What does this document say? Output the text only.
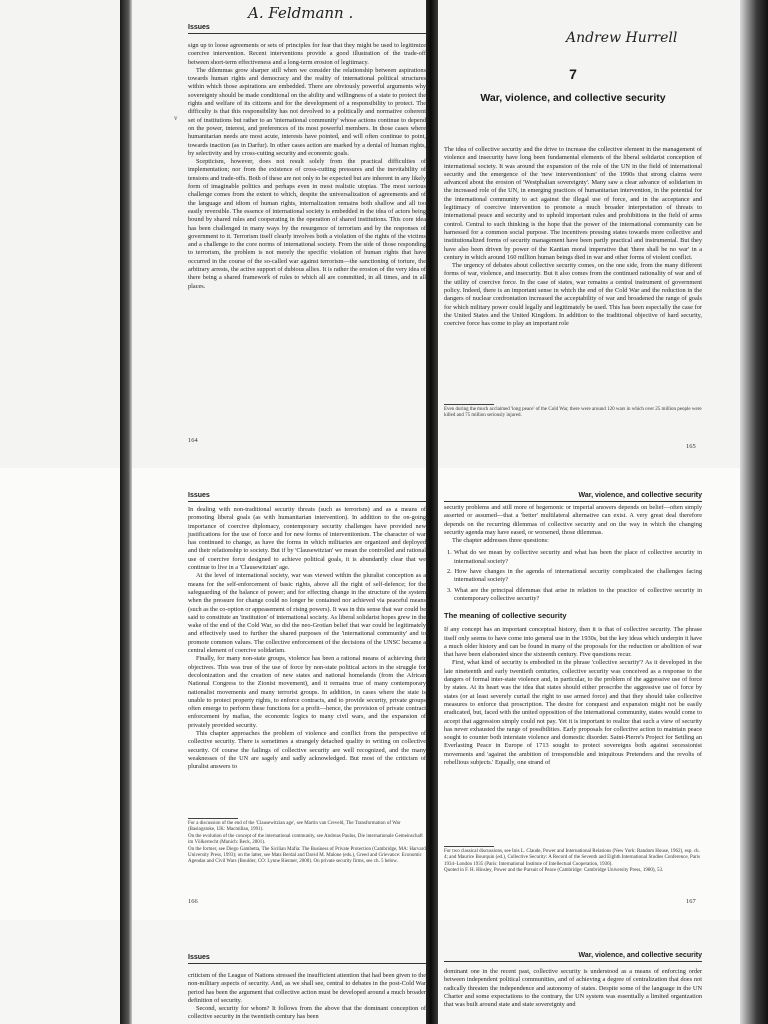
A. Feldmann .
Issues

sign up to loose agreements or sets of principles for fear that they might be used to legitimize coercive intervention. Recent interventions provide a good illustration of the trade-off between short-term effectiveness and a long-term erosion of legitimacy.

The dilemmas grow sharper still when we consider the relationship between aspirations towards human rights and democracy and the reality of international political structures within which those aspirations are embedded. There are obviously powerful arguments why sovereignty should be made conditional on the ability and willingness of a state to protect the rights and welfare of its citizens and for the development of a responsibility to protect. The difficulty is that this responsibility has not devolved to a politically and normative coherent set of institutions but rather to an 'international community' whose actions continue to depend on the power, interest, and preferences of its most powerful members. In those cases where humanitarian needs are most acute, interests have pointed, and will often continue to point, towards inaction (as in Darfur). In other cases action are marked by a denial of human rights, by selectivity and by cross-cutting security and economic goals.

Scepticism, however, does not result solely from the practical difficulties of implementation; nor from the existence of cross-cutting pressures and the inevitability of tensions and trade-offs. Both of these are not only to be expected but are inherent in any likely form of imaginable politics and perhaps even in most realistic utopias. The most serious challenge comes from the extent to which, despite the universalization of agreements and of the language and idiom of human rights, internalization remains both shallow and all too easily reversible. The essence of international society is embedded in the idea of actors being bound by shared rules and cooperating in the operation of shared institutions. This core idea has been challenged in many ways by the resurgence of terrorism and by the responses of government to it. Terrorism itself clearly involves both a violation of the rights of the victims and a challenge to the core norms of international society. From the side of those responding to terrorism, the problem is not merely the specific violation of human rights that have occurred in the course of the so-called war against terrorism—the sanctioning of torture, the arbitrary arrests, the active support of dubious allies. It is rather the erosion of the very idea of there being a shared framework of rules to which all are committed, in all times, and in all places.

v
164
Andrew Hurrell
7
War, violence, and collective security

The idea of collective security and the drive to increase the collective element in the management of violence and insecurity have long been fundamental elements of the liberal solidarist conception of international society. It was around the expansion of the role of the UN in the field of international security and the emergence of the 'new interventionism' of the 1990s that strong claims were advanced about the erosion of 'Westphalian sovereignty'. Many saw a clear advance of solidarism in the increased role of the UN, in emerging practices of humanitarian intervention, in the potential for the international community to act against the illegal use of force, and in the acceptance and legitimacy of coercive intervention to promote a much broader interpretation of threats to international peace and security and to uphold important rules and prohibitions in the field of arms control. Central to such thinking is the hope that the power of the international community can be harnessed for a common social purpose. The incentives pressing states towards more collective and institutionalized forms of security management have been partly practical and instrumental. But they have also been driven by power of the Kantian moral imperative that 'there shall be no war' in a century in which around 160 million human beings died in war and other forms of violent conflict.

The urgency of debates about collective security comes, on the one side, from the many different forms of war, violence, and insecurity. But it also comes from the continued rationality of war and of the utility of coercive force. In the case of states, war remains a central instrument of government policy. Indeed, there is an important sense in which the end of the Cold War and the reduction in the dangers of nuclear confrontation increased the acceptability of war and broadened the range of goals for which military power could legally and legitimately be used. This has been especially the case for the United States and the United Kingdom. In addition to the traditional objective of hard security, coercive force has come to play an important role

Even during the much acclaimed 'long peace' of the Cold War, there were around 120 wars in which over 25 million people were killed and 75 million seriously injured.
165
Issues

In dealing with non-traditional security threats (such as terrorism) and as a means of promoting liberal goals (as with humanitarian intervention). In addition to the on-going importance of coercive diplomacy, contemporary security challenges have provided new justifications for the use of force and for new forms of interventionism. The character of war has continued to change, as have the forms in which militaries are organized and deployed and their relationship to society. But if by 'Clausewitzian' we mean the controlled and rational use of coercive force designed to achieve political goals, it is abundantly clear that we continue to live in a 'Clausewitzian' age.

At the level of international society, war was viewed within the pluralist conception as a means for the self-enforcement of basic rights, above all the right of self-defence; for the safeguarding of the balance of power; and for effecting change in the structure of the system when the pressure for change could no longer be contained nor achieved via peaceful means (such as the co-option or appeasement of rising powers). It was in this sense that war could be said to constitute an 'institution' of international society. As liberal solidarist hopes grew in the wake of the end of the Cold War, so did the neo-Grotian belief that war could be legitimately and effectively used to further the shared purposes of the 'international community' and to promote common values. The collective enforcement of the decisions of the UNSC became a central element of coercive solidarism.

Finally, for many non-state groups, violence has been a rational means of achieving their objectives. This was true of the use of force by non-state political actors in the struggle for decolonization and the creation of new states and national homelands (from the African National Congress to the Zionist movement), and it remains true of many contemporary nationalist movements and many terrorist groups. In addition, in cases where the state is unable to protect property rights, to enforce contracts, and to provide security, private groups often emerge to perform these functions for a profit—hence, the provision of private contract enforcement by mafias, the economic logics to many civil wars, and the expansion of privately provided security.

This chapter approaches the problem of violence and conflict from the perspective of collective security. There is sometimes a strangely detached quality to writing on collective security. Of course the failings of collective security are well recognized, and the many weaknesses of the UN are sagely and sadly acknowledged. But most of the criticism of pluralist answers to

For a discussion of the end of the 'Clausewitzian age', see Martin van Creveld, The Transformation of War (Basingstoke, UK: Macmillan, 1991).
On the evolution of the concept of the international community, see Andreas Paulus, Die internationale Gemeinschaft im Völkerrecht (Munich: Beck, 2001).
On the former, see Diego Gambetta, The Sicilian Mafia: The Business of Private Protection (Cambridge, MA: Harvard University Press, 1993); on the latter, see Mats Berdal and David M. Malone (eds.), Greed and Grievance: Economic Agendas and Civil Wars (Boulder, CO: Lynne Rienner, 2000). On private security firms, see ch. 5 below.
166
War, violence, and collective security

security problems and still more of hegemonic or imperial answers depends on belief—often simply asserted or assumed—that a 'better' multilateral alternative can exist. A very great deal therefore depends on the recurring dilemmas of collective security and on the way in which the changing security agenda may have eased, or worsened, those dilemmas.

The chapter addresses three questions:

1. What do we mean by collective security and what has been the place of collective security in international society?
2. How have changes in the agenda of international security complicated the challenges facing international society?
3. What are the principal dilemmas that arise in relation to the practice of collective security in contemporary collective security?
The meaning of collective security

If any concept has an important conceptual history, then it is that of collective security. The phrase itself only seems to have come into general use in the 1930s, but the key ideas which underpin it have a much older history and can be found in many of the proposals for the reduction or abolition of war that have been elaborated since the sixteenth century. Five questions recur.

First, what kind of security is embodied in the phrase 'collective security'? As it developed in the late nineteenth and early twentieth centuries, collective security was conceived as a response to the dangers of formal inter-state violence and, in particular, to the problem of the aggressive use of force by states. At its heart was the idea that states should either proscribe the aggressive use of force by states (or at least severely curtail the right to use armed force) and that they should take collective measures to enforce that proscription. The desire for conquest and expansion might not be easily eradicated, but, faced with the united opposition of the international community, states would come to accept that aggression simply could not pay. Yet it is important to realize that such a view of security has never exhausted the range of possibilities. Early proposals for collective action to maintain peace sought to counter both interstate violence and domestic disorder. Saint-Pierre's Project for Settling an Everlasting Peace in Europe of 1713 sought to protect sovereigns both against secessionist movements and 'against the ambition of irresponsible and iniquitous Pretenders and the revolts of rebellious subjects.' Equally, one strand of

For two classical discussions, see Inis L. Claude, Power and International Relations (New York: Random House, 1962), esp. ch. 4; and Maurice Bourquin (ed.), Collective Security: A Record of the Seventh and Eighth International Studies Conference, Paris 1934–London 1935 (Paris: International Institute of Intellectual Cooperation, 1936).
Quoted in F. H. Hinsley, Power and the Pursuit of Peace (Cambridge: Cambridge University Press, 1980), 53.
167
Issues

criticism of the League of Nations stressed the insufficient attention that had been given to the non-military aspects of security. And, as we shall see, central to debates in the post-Cold War period has been the argument that collective action must be developed around a much broader definition of security.

Second, security for whom? It follows from the above that the dominant conception of collective security in the twentieth century has been

War, violence, and collective security

dominant one in the recent past, collective security is understood as a means of enforcing order between independent political communities, and of achieving a degree of centralization that does not radically threaten the independence and autonomy of states. Despite some of the language in the UN Charter and some expectations to the contrary, the UN system was essentially a limited organization that was built around state and state sovereignty and
